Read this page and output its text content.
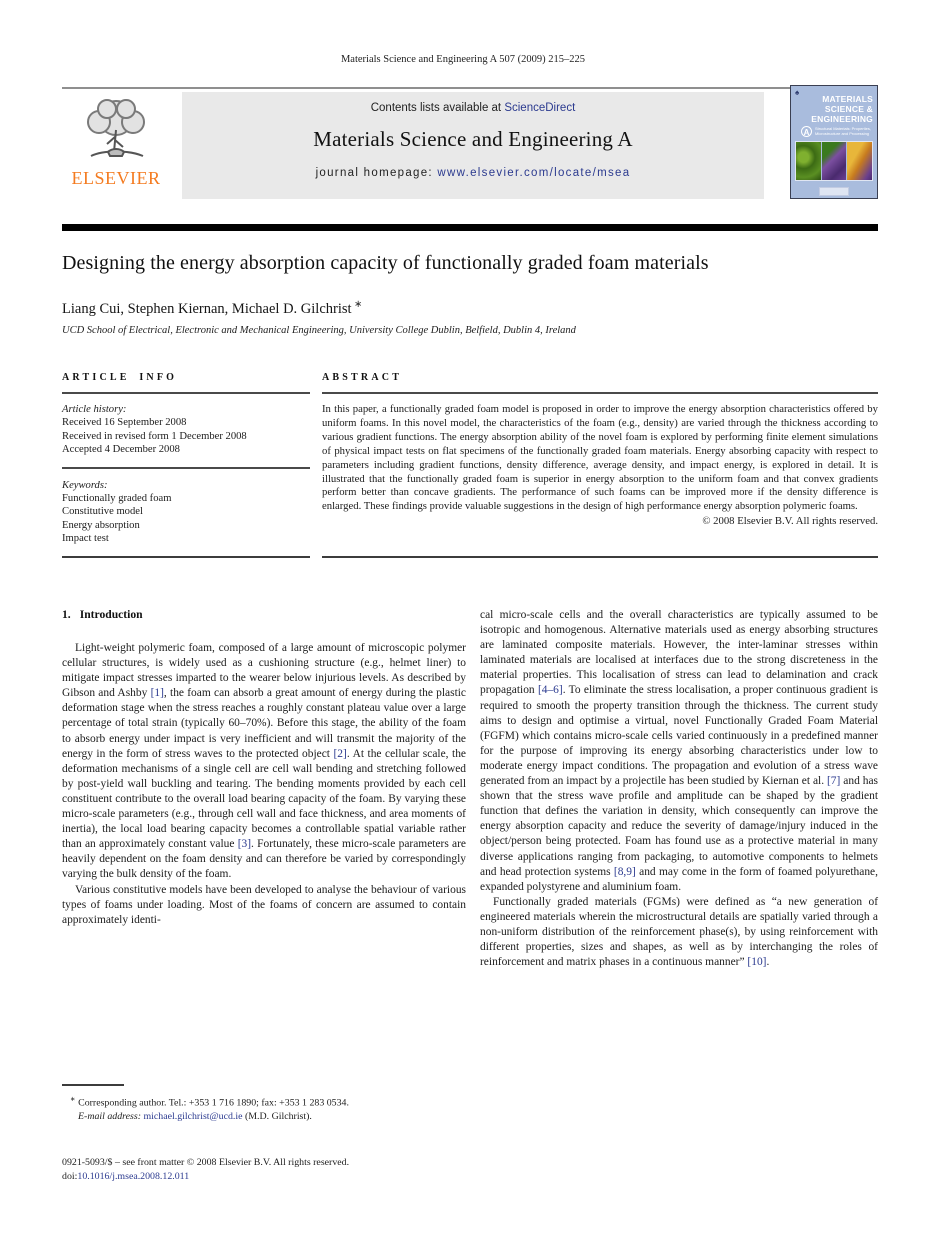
Materials Science and Engineering A 507 (2009) 215–225
ELSEVIER
Contents lists available at ScienceDirect
Materials Science and Engineering A
journal homepage: www.elsevier.com/locate/msea
♠
MATERIALS
SCIENCE &
ENGINEERING
A	Structural Materials: Properties, Microstructure and Processing
Designing the energy absorption capacity of functionally graded foam materials
Liang Cui, Stephen Kiernan, Michael D. Gilchrist ∗
UCD School of Electrical, Electronic and Mechanical Engineering, University College Dublin, Belfield, Dublin 4, Ireland
ARTICLE INFO
Article history:
Received 16 September 2008
Received in revised form 1 December 2008
Accepted 4 December 2008
Keywords:
Functionally graded foam
Constitutive model
Energy absorption
Impact test
ABSTRACT
In this paper, a functionally graded foam model is proposed in order to improve the energy absorption characteristics offered by uniform foams. In this novel model, the characteristics of the foam (e.g., density) are varied through the thickness according to various gradient functions. The energy absorption ability of the novel foam is explored by performing finite element simulations of physical impact tests on flat specimens of the functionally graded foam materials. Energy absorbing capacity with respect to parameters including gradient functions, density difference, average density, and impact energy, is explored in detail. It is illustrated that the functionally graded foam is superior in energy absorption to the uniform foam and that convex gradients perform better than concave gradients. The performance of such foams can be improved more if the density difference is enlarged. These findings provide valuable suggestions in the design of high performance energy absorption polymeric foams.
© 2008 Elsevier B.V. All rights reserved.
1. Introduction

Light-weight polymeric foam, composed of a large amount of microscopic polymer cellular structures, is widely used as a cushioning structure (e.g., helmet liner) to mitigate impact stresses imparted to the wearer below injurious levels. As described by Gibson and Ashby [1], the foam can absorb a great amount of energy during the plastic deformation stage when the stress reaches a roughly constant plateau value over a large percentage of total strain (typically 60–70%). Before this stage, the ability of the foam to absorb energy under impact is very inefficient and will transmit the majority of the energy in the form of stress waves to the protected object [2]. At the cellular scale, the deformation mechanisms of a single cell are cell wall bending and stretching followed by post-yield wall buckling and tearing. The bending moments provided by each cell constituent contribute to the overall load bearing capacity of the foam. By varying these micro-scale parameters (e.g., through cell wall and face thickness, and area moments of inertia), the local load bearing capacity becomes a controllable spatial variable rather than an approximately constant value [3]. Fortunately, these micro-scale parameters are heavily dependent on the foam density and can therefore be varied by correspondingly varying the bulk density of the foam.

Various constitutive models have been developed to analyse the behaviour of various types of foams under loading. Most of the foams of concern are assumed to contain approximately identi-

cal micro-scale cells and the overall characteristics are typically assumed to be isotropic and homogenous. Alternative materials used as energy absorbing structures are laminated composite materials. However, the inter-laminar stresses within laminated materials are localised at interfaces due to the strong discreteness in the material properties. This localisation of stress can lead to delamination and crack propagation [4–6]. To eliminate the stress localisation, a proper continuous gradient is required to smooth the property transition through the thickness. The current study aims to design and optimise a virtual, novel Functionally Graded Foam Material (FGFM) which contains micro-scale cells varied continuously in a predefined manner for the purpose of improving its energy absorbing characteristics under low to moderate energy impact conditions. The propagation and evolution of a stress wave generated from an impact by a projectile has been studied by Kiernan et al. [7] and has shown that the stress wave profile and amplitude can be shaped by the gradient function that defines the variation in density, which consequently can improve the energy absorption capacity and reduce the severity of damage/injury induced in the object/person being protected. Foam has found use as a protective material in many diverse applications ranging from packaging, to automotive components to helmets and head protection systems [8,9] and may come in the form of foamed polyurethane, expanded polystyrene and aluminium foam.

Functionally graded materials (FGMs) were defined as “a new generation of engineered materials wherein the microstructural details are spatially varied through a non-uniform distribution of the reinforcement phase(s), by using reinforcement with different properties, sizes and shapes, as well as by interchanging the roles of reinforcement and matrix phases in a continuous manner” [10].

∗ Corresponding author. Tel.: +353 1 716 1890; fax: +353 1 283 0534.
E-mail address: michael.gilchrist@ucd.ie (M.D. Gilchrist).
0921-5093/$ – see front matter © 2008 Elsevier B.V. All rights reserved.
doi:10.1016/j.msea.2008.12.011
